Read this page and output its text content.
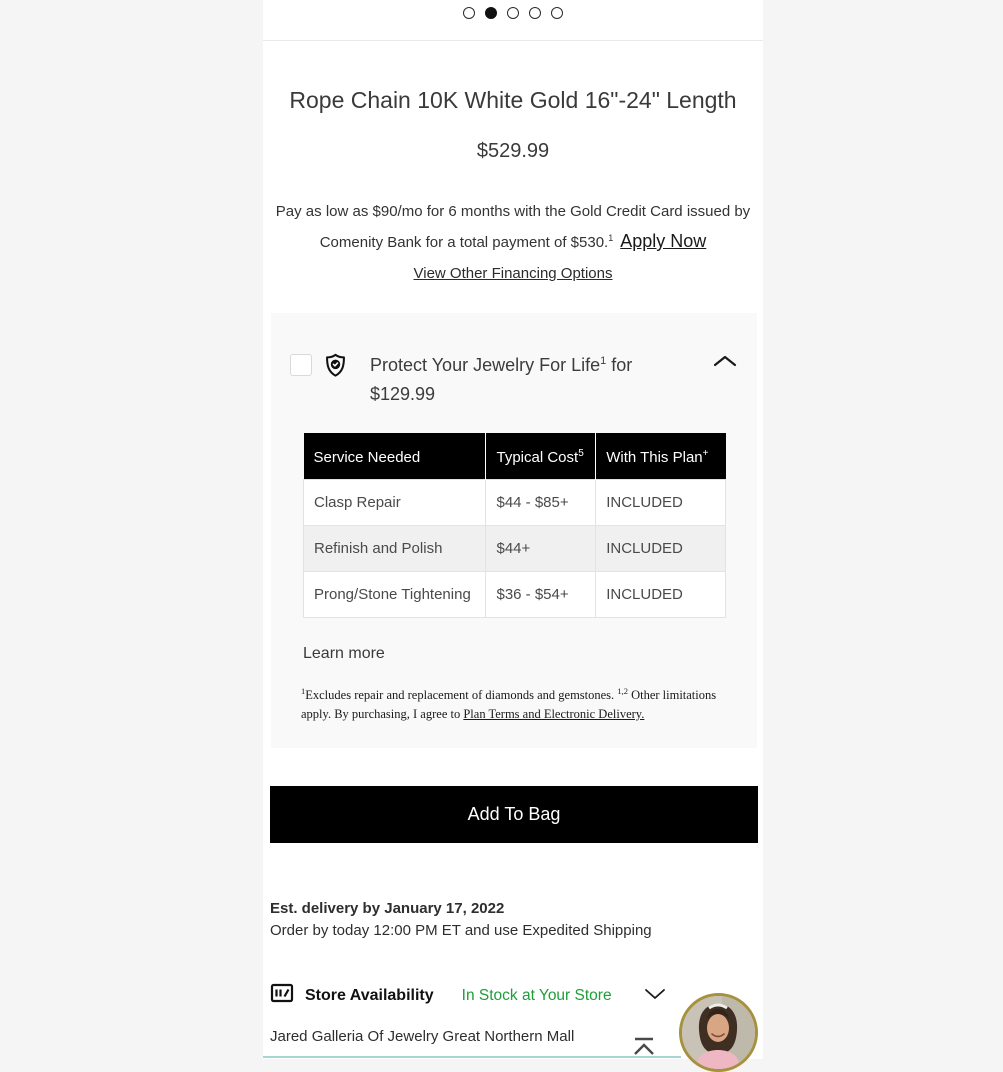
Rope Chain 10K White Gold 16"-24" Length
$529.99

Pay as low as $90/mo for 6 months with the Gold Credit Card issued by Comenity Bank for a total payment of $530.$^1$ Apply Now

View Other Financing Options
Protect Your Jewelry For Life$^1$ for $129.99
Service Needed	Typical Cost$^5$	With This Plan+
Clasp Repair	$44 - $85+	INCLUDED
Refinish and Polish	$44+	INCLUDED
Prong/Stone Tightening	$36 - $54+	INCLUDED
Learn more

$^1$Excludes repair and replacement of diamonds and gemstones. $^{1,2}$ Other limitations apply. By purchasing, I agree to Plan Terms and Electronic Delivery.

Add To Bag
Est. delivery by January 17, 2022
Order by today 12:00 PM ET and use Expedited Shipping
Store Availability In Stock at Your Store
Jared Galleria Of Jewelry Great Northern Mall
